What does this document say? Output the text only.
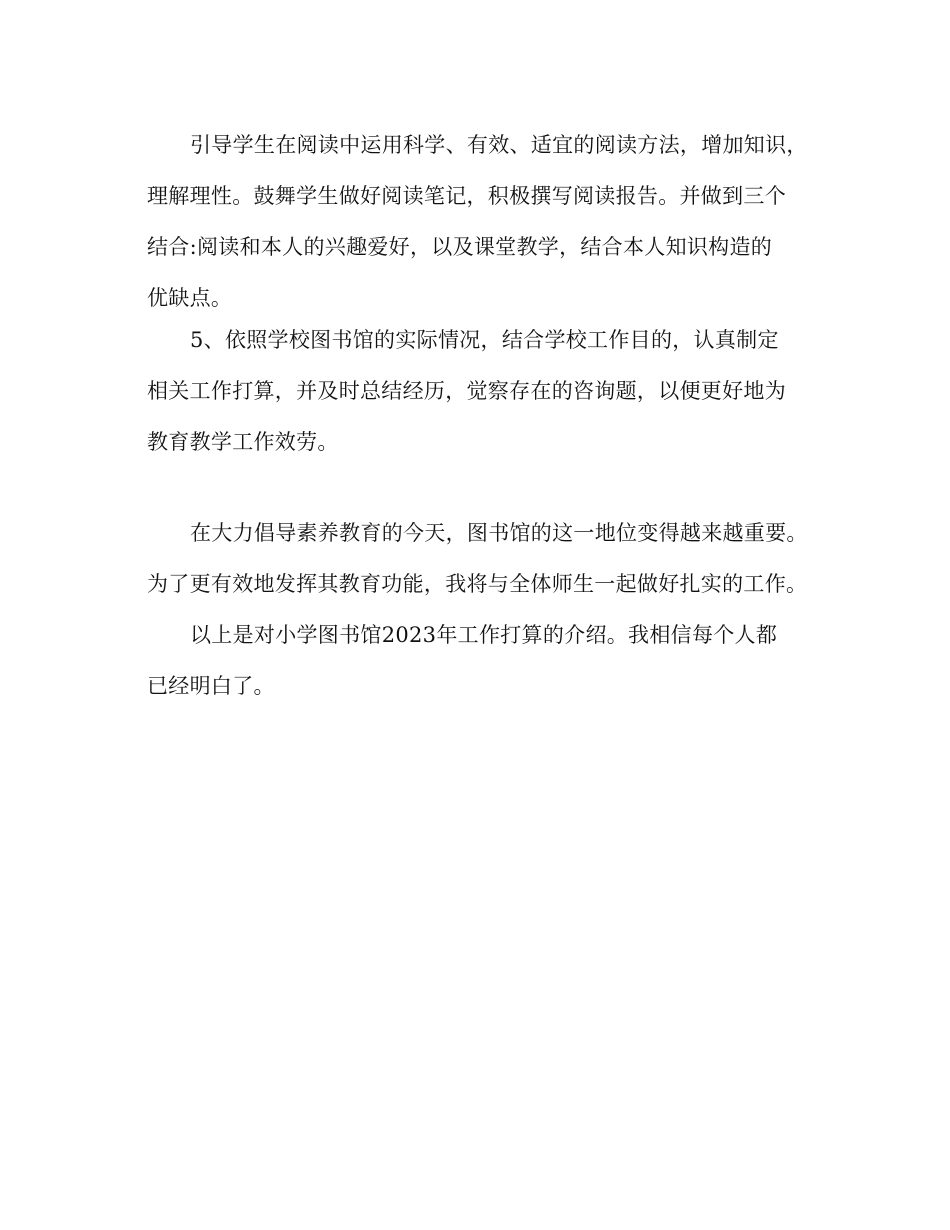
引导学生在阅读中运用科学、有效、适宜的阅读方法，增加知识，
理解理性。鼓舞学生做好阅读笔记，积极撰写阅读报告。并做到三个
结合:阅读和本人的兴趣爱好，以及课堂教学，结合本人知识构造的
优缺点。

5、依照学校图书馆的实际情况，结合学校工作目的，认真制定
相关工作打算，并及时总结经历，觉察存在的咨询题，以便更好地为
教育教学工作效劳。

在大力倡导素养教育的今天，图书馆的这一地位变得越来越重要。
为了更有效地发挥其教育功能，我将与全体师生一起做好扎实的工作。

以上是对小学图书馆2023年工作打算的介绍。我相信每个人都
已经明白了。
